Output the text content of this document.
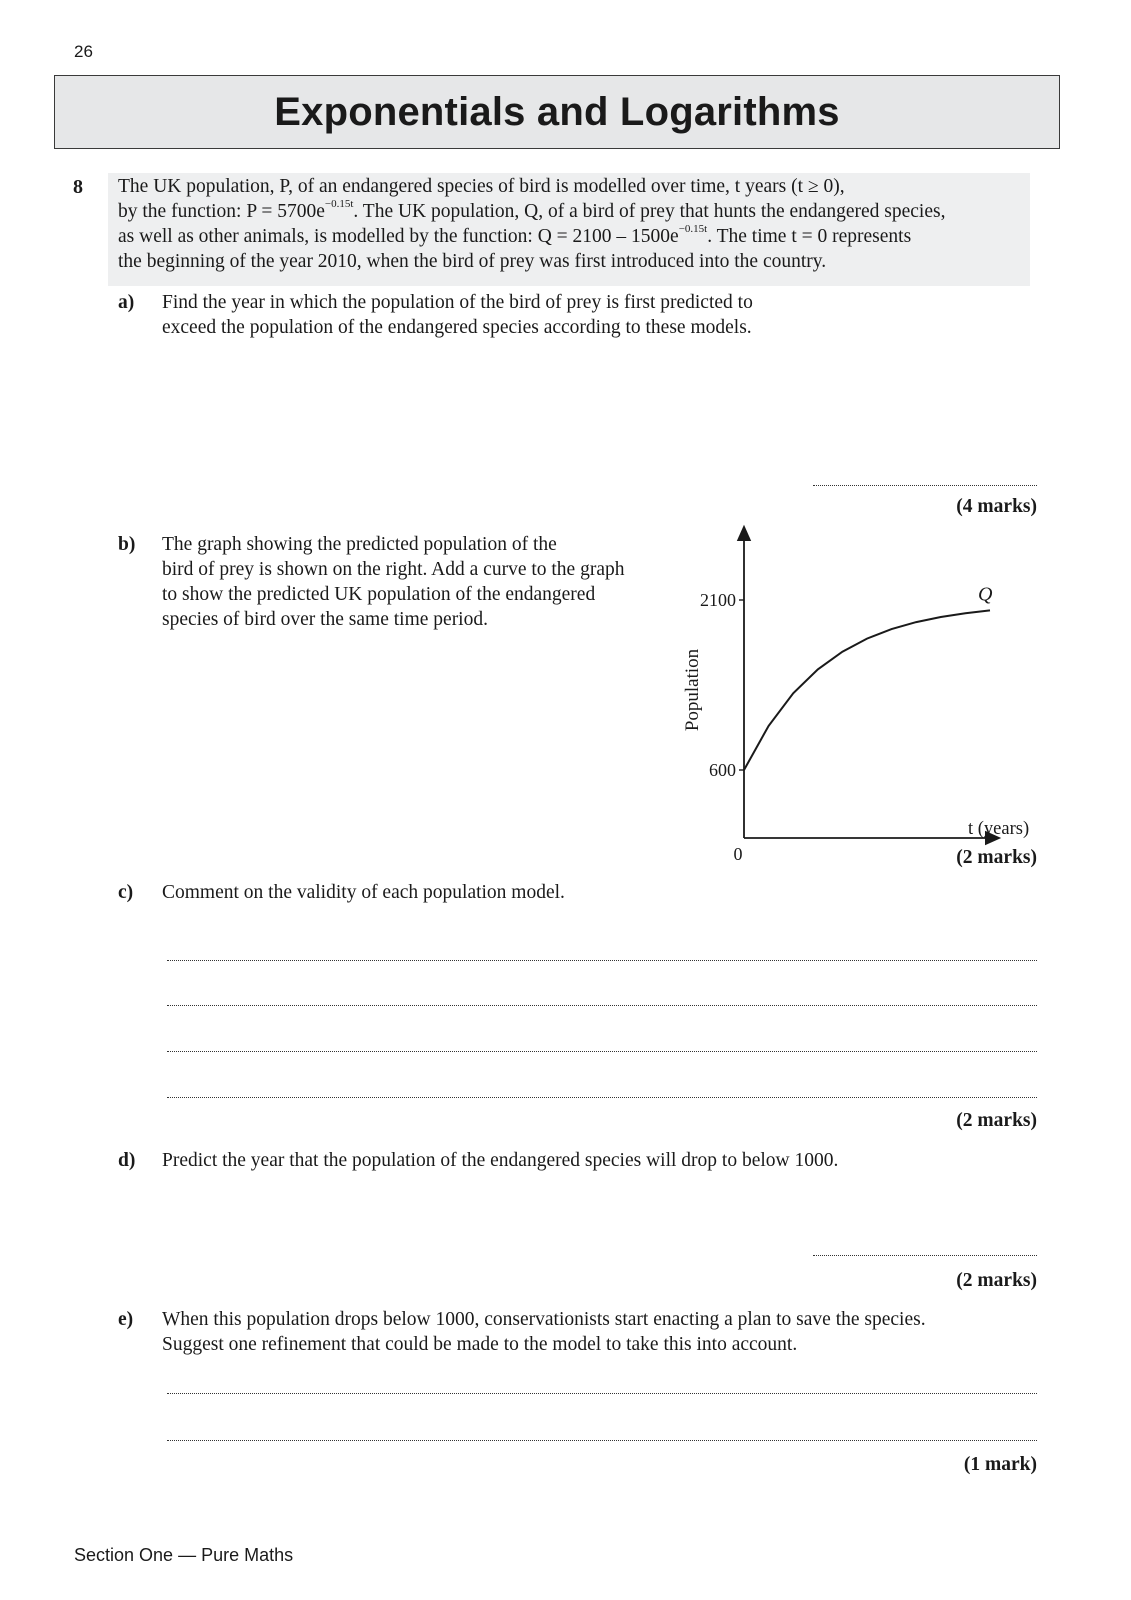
26
Exponentials and Logarithms
8 The UK population, P, of an endangered species of bird is modelled over time, t years (t ≥ 0),
by the function: $P = 5700e^{-0.15t}$. The UK population, Q, of a bird of prey that hunts the endangered species,
as well as other animals, is modelled by the function: $Q = 2100 - 1500e^{-0.15t}$. The time t = 0 represents
the beginning of the year 2010, when the bird of prey was first introduced into the country.
a) Find the year in which the population of the bird of prey is first predicted to
exceed the population of the endangered species according to these models.
(4 marks)
b) The graph showing the predicted population of the
bird of prey is shown on the right. Add a curve to the graph
to show the predicted UK population of the endangered
species of bird over the same time period.
Population
2100
600
0
Q
t (years)
(2 marks)
c) Comment on the validity of each population model.
(2 marks)
d) Predict the year that the population of the endangered species will drop to below 1000.
(2 marks)
e) When this population drops below 1000, conservationists start enacting a plan to save the species.
Suggest one refinement that could be made to the model to take this into account.
(1 mark)
Section One — Pure Maths
